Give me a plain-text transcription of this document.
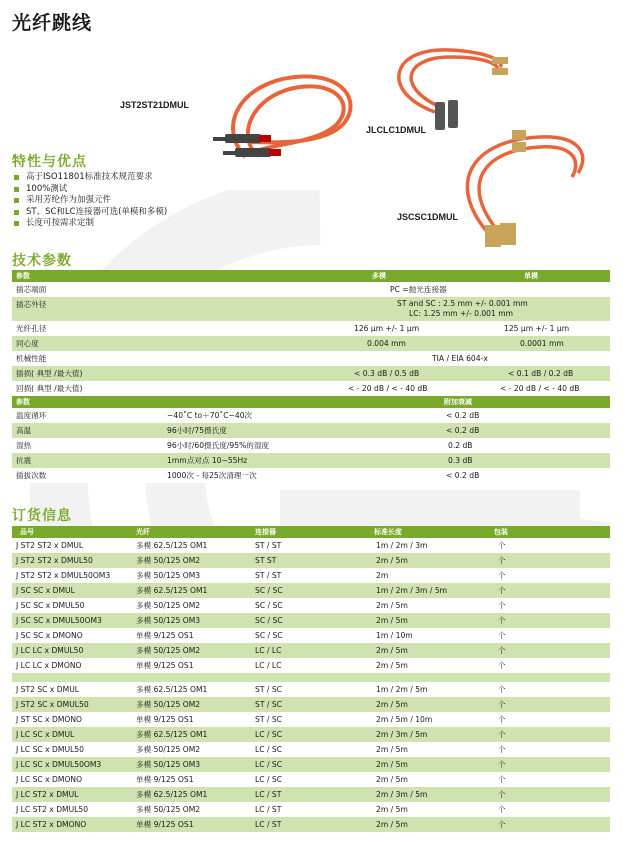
光纤跳线
JST2ST21DMUL
JLCLC1DMUL
JSCSC1DMUL
特性与优点
高于ISO11801标准技术规范要求
100%测试
采用芳纶作为加强元件
ST、SC和LC连接器可选(单模和多模)
长度可按需求定制
技术参数
参数	多模	单模
插芯端面	PC =抛光连接器
插芯外径	ST and SC : 2.5 mm +/- 0.001 mm
LC: 1.25 mm +/- 0.001 mm
光纤孔径	126 μm +/- 1 μm	125 μm +/- 1 μm
同心度	0.004 mm	0.0001 mm
机械性能	TIA / EIA 604-x
插损( 典型 /最大值)	< 0.3 dB / 0.5 dB	< 0.1 dB / 0.2 dB
回损( 典型 /最大值)	< - 20 dB / < - 40 dB	< - 20 dB / < - 40 dB
参数	附加衰减
温度循环	−40˚C to＋70˚C−40次	< 0.2 dB
高温	96小时/75摄氏度	< 0.2 dB
湿热	96小时/60摄氏度/95%的湿度	0.2 dB
抗震	1mm点对点 10~55Hz	0.3 dB
插拔次数	1000次 - 每25次清理一次	< 0.2 dB
订货信息
品号	光纤	连接器	标准长度	包装
J ST2 ST2 x DMUL	多模 62.5/125 OM1	ST / ST	1m / 2m / 3m	个
J ST2 ST2 x DMUL50	多模 50/125 OM2	ST ST	2m / 5m	个
J ST2 ST2 x DMUL50OM3	多模 50/125 OM3	ST / ST	2m	个
J SC SC x DMUL	多模 62.5/125 OM1	SC / SC	1m / 2m / 3m / 5m	个
J SC SC x DMUL50	多模 50/125 OM2	SC / SC	2m / 5m	个
J SC SC x DMUL50OM3	多模 50/125 OM3	SC / SC	2m / 5m	个
J SC SC x DMONO	单模 9/125 OS1	SC / SC	1m / 10m	个
J LC LC x DMUL50	多模 50/125 OM2	LC / LC	2m / 5m	个
J LC LC x DMONO	单模 9/125 OS1	LC / LC	2m / 5m	个
J ST2 SC x DMUL	多模 62.5/125 OM1	ST / SC	1m / 2m / 5m	个
J ST2 SC x DMUL50	多模 50/125 OM2	ST / SC	2m / 5m	个
J ST SC x DMONO	单模 9/125 OS1	ST / SC	2m / 5m / 10m	个
J LC SC x DMUL	多模 62.5/125 OM1	LC / SC	2m / 3m / 5m	个
J LC SC x DMUL50	多模 50/125 OM2	LC / SC	2m / 5m	个
J LC SC x DMUL50OM3	多模 50/125 OM3	LC / SC	2m / 5m	个
J LC SC x DMONO	单模 9/125 OS1	LC / SC	2m / 5m	个
J LC ST2 x DMUL	多模 62.5/125 OM1	LC / ST	2m / 3m / 5m	个
J LC ST2 x DMUL50	多模 50/125 OM2	LC / ST	2m / 5m	个
J LC ST2 x DMONO	单模 9/125 OS1	LC / ST	2m / 5m	个
